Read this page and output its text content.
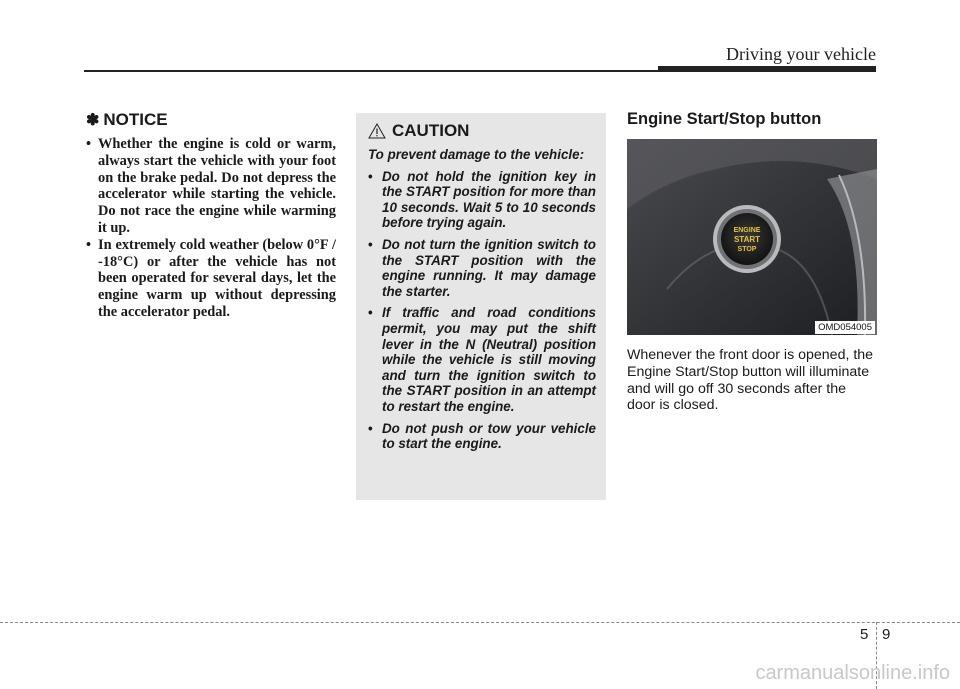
Driving your vehicle
✽ NOTICE
• Whether the engine is cold or warm, always start the vehicle with your foot on the brake pedal. Do not depress the accelerator while starting the vehicle. Do not race the engine while warming it up.
• In extremely cold weather (below 0°F / -18°C) or after the vehicle has not been operated for several days, let the engine warm up without depressing the accelerator pedal.
CAUTION

To prevent damage to the vehicle:

• Do not hold the ignition key in the START position for more than 10 seconds. Wait 5 to 10 seconds before trying again.
• Do not turn the ignition switch to the START position with the engine running. It may damage the starter.
• If traffic and road conditions permit, you may put the shift lever in the N (Neutral) position while the vehicle is still moving and turn the ignition switch to the START position in an attempt to restart the engine.
• Do not push or tow your vehicle to start the engine.
Engine Start/Stop button
ENGINE
START
STOP
OMD054005
Whenever the front door is opened, the Engine Start/Stop button will illuminate and will go off 30 seconds after the door is closed.
5 9
carmanualsonline.info
